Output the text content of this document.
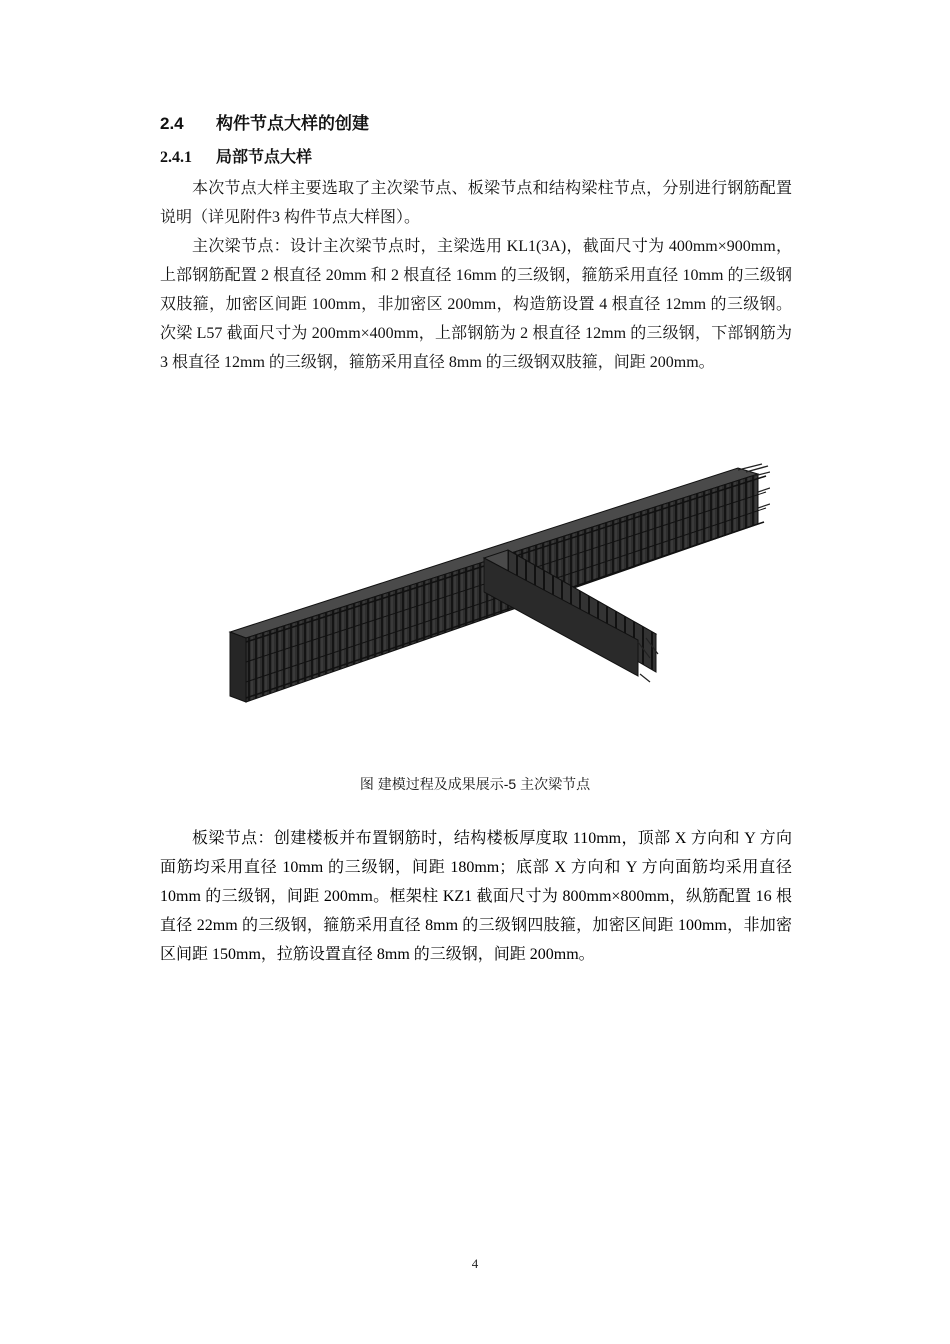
2.4	构件节点大样的创建
2.4.1	局部节点大样

本次节点大样主要选取了主次梁节点、板梁节点和结构梁柱节点，分别进行钢筋配置说明（详见附件3 构件节点大样图）。

主次梁节点：设计主次梁节点时，主梁选用 KL1(3A)，截面尺寸为 400mm×900mm，上部钢筋配置 2 根直径 20mm 和 2 根直径 16mm 的三级钢，箍筋采用直径 10mm 的三级钢双肢箍，加密区间距 100mm，非加密区 200mm，构造筋设置 4 根直径 12mm 的三级钢。次梁 L57 截面尺寸为 200mm×400mm，上部钢筋为 2 根直径 12mm 的三级钢，下部钢筋为 3 根直径 12mm 的三级钢，箍筋采用直径 8mm 的三级钢双肢箍，间距 200mm。

图 建模过程及成果展示-5 主次梁节点

板梁节点：创建楼板并布置钢筋时，结构楼板厚度取 110mm，顶部 X 方向和 Y 方向面筋均采用直径 10mm 的三级钢，间距 180mm；底部 X 方向和 Y 方向面筋均采用直径 10mm 的三级钢，间距 200mm。框架柱 KZ1 截面尺寸为 800mm×800mm，纵筋配置 16 根直径 22mm 的三级钢，箍筋采用直径 8mm 的三级钢四肢箍，加密区间距 100mm，非加密区间距 150mm，拉筋设置直径 8mm 的三级钢，间距 200mm。

4
